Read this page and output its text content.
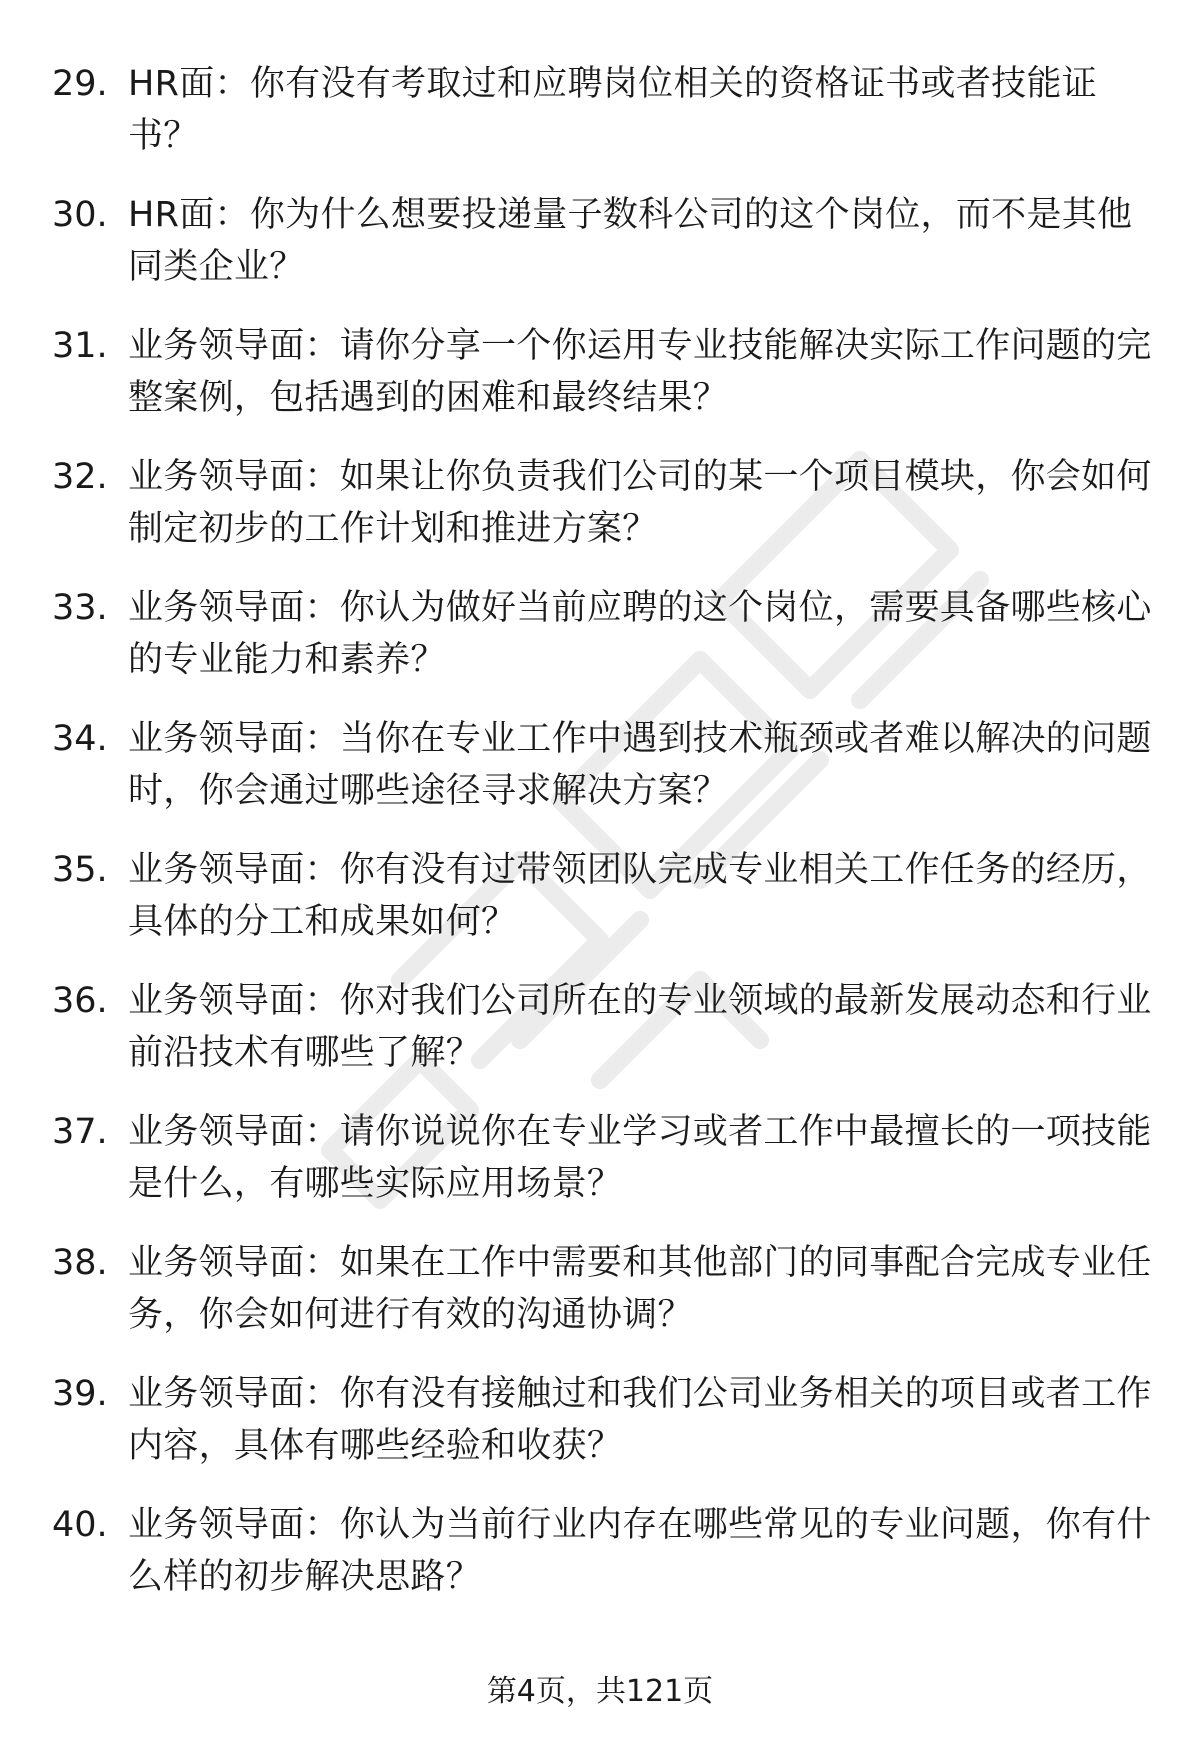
29. HR面：你有没有考取过和应聘岗位相关的资格证书或者技能证书？
30. HR面：你为什么想要投递量子数科公司的这个岗位，而不是其他同类企业？
31. 业务领导面：请你分享一个你运用专业技能解决实际工作问题的完整案例，包括遇到的困难和最终结果？
32. 业务领导面：如果让你负责我们公司的某一个项目模块，你会如何制定初步的工作计划和推进方案？
33. 业务领导面：你认为做好当前应聘的这个岗位，需要具备哪些核心的专业能力和素养？
34. 业务领导面：当你在专业工作中遇到技术瓶颈或者难以解决的问题时，你会通过哪些途径寻求解决方案？
35. 业务领导面：你有没有过带领团队完成专业相关工作任务的经历，具体的分工和成果如何？
36. 业务领导面：你对我们公司所在的专业领域的最新发展动态和行业前沿技术有哪些了解？
37. 业务领导面：请你说说你在专业学习或者工作中最擅长的一项技能是什么，有哪些实际应用场景？
38. 业务领导面：如果在工作中需要和其他部门的同事配合完成专业任务，你会如何进行有效的沟通协调？
39. 业务领导面：你有没有接触过和我们公司业务相关的项目或者工作内容，具体有哪些经验和收获？
40. 业务领导面：你认为当前行业内存在哪些常见的专业问题，你有什么样的初步解决思路？
第4页，共121页
